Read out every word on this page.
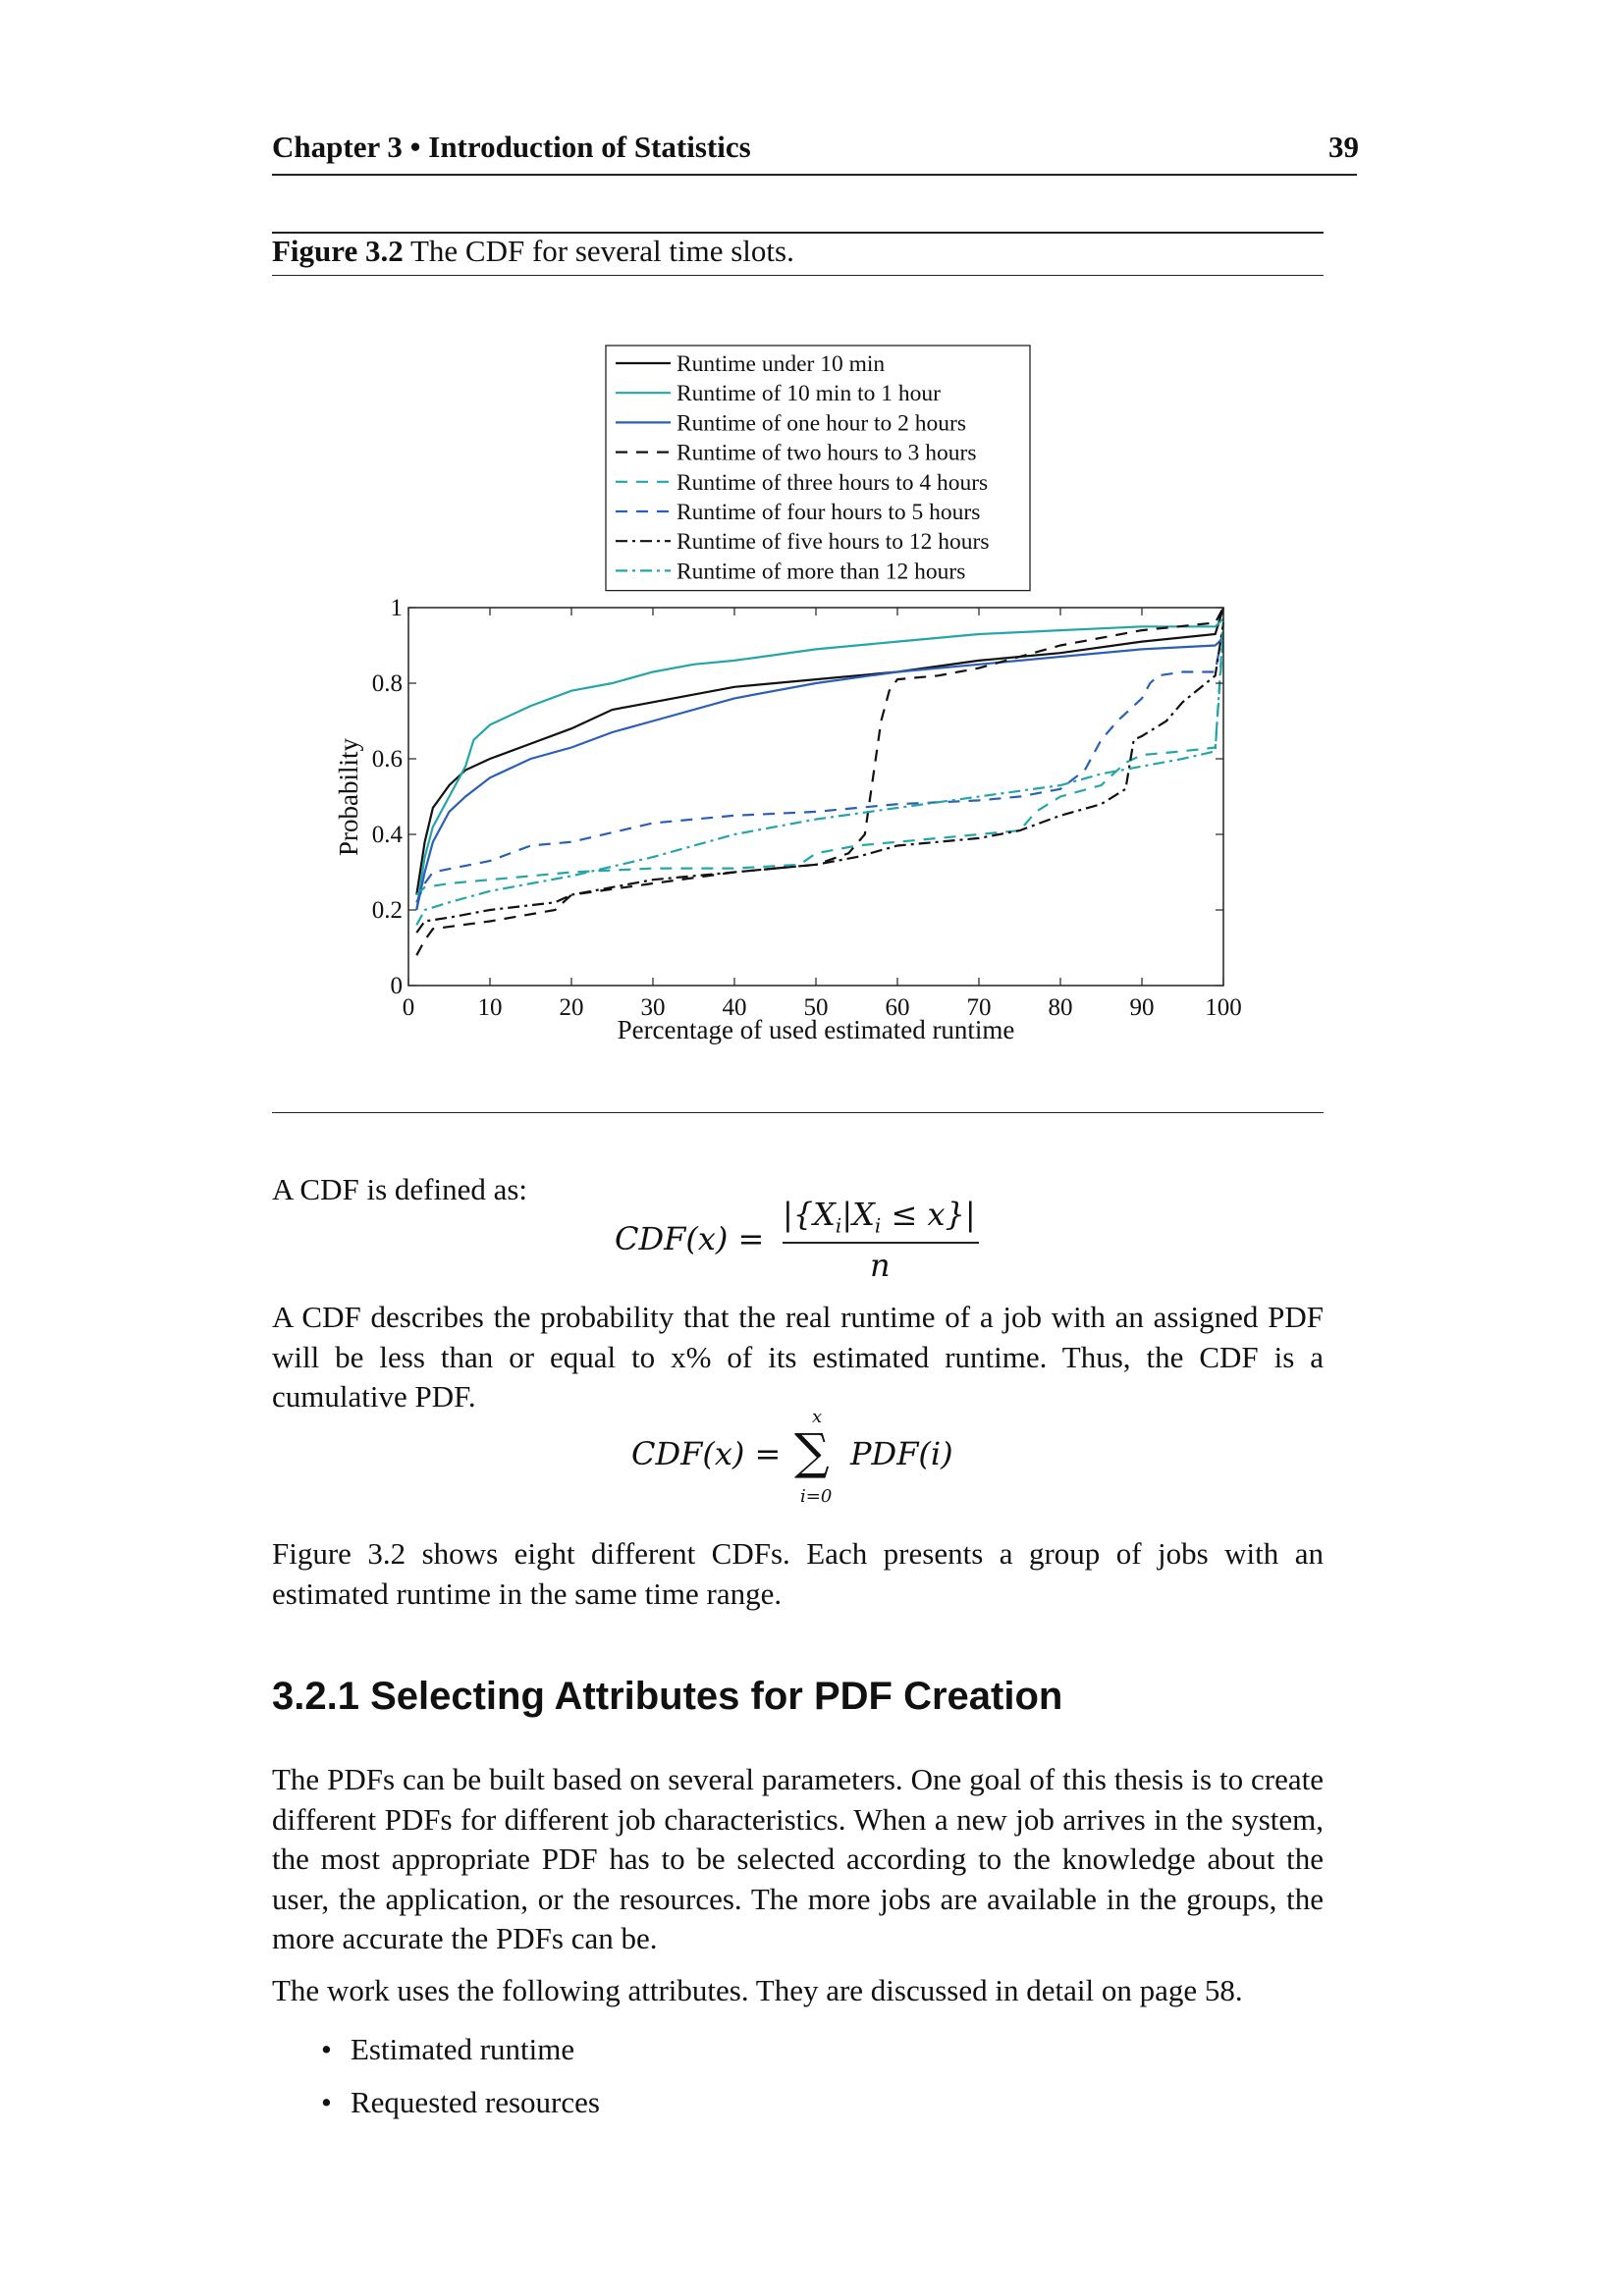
Chapter 3 • Introduction of Statistics	39
Figure 3.2 The CDF for several time slots.
Runtime under 10 min
Runtime of 10 min to 1 hour
Runtime of one hour to 2 hours
Runtime of two hours to 3 hours
Runtime of three hours to 4 hours
Runtime of four hours to 5 hours
Runtime of five hours to 12 hours
Runtime of more than 12 hours
0	10 20 30 40 50 60 70 80 90 100
0
0.2
0.4
0.6
0.8
1
Percentage of used estimated runtime
Probability
A CDF is defined as:
CDF(x) =
$|\{X_i|X_i \le x\}|$
n
A CDF describes the probability that the real runtime of a job with an assigned PDF will be less than or equal to x% of its estimated runtime. Thus, the CDF is a cumulative PDF.
CDF(x) =
x
∑
i=0
PDF(i)
Figure 3.2 shows eight different CDFs. Each presents a group of jobs with an estimated runtime in the same time range.
3.2.1 Selecting Attributes for PDF Creation
The PDFs can be built based on several parameters. One goal of this thesis is to create different PDFs for different job characteristics. When a new job arrives in the system, the most appropriate PDF has to be selected according to the knowledge about the user, the application, or the resources. The more jobs are available in the groups, the more accurate the PDFs can be.
The work uses the following attributes. They are discussed in detail on page 58.
• Estimated runtime
• Requested resources
